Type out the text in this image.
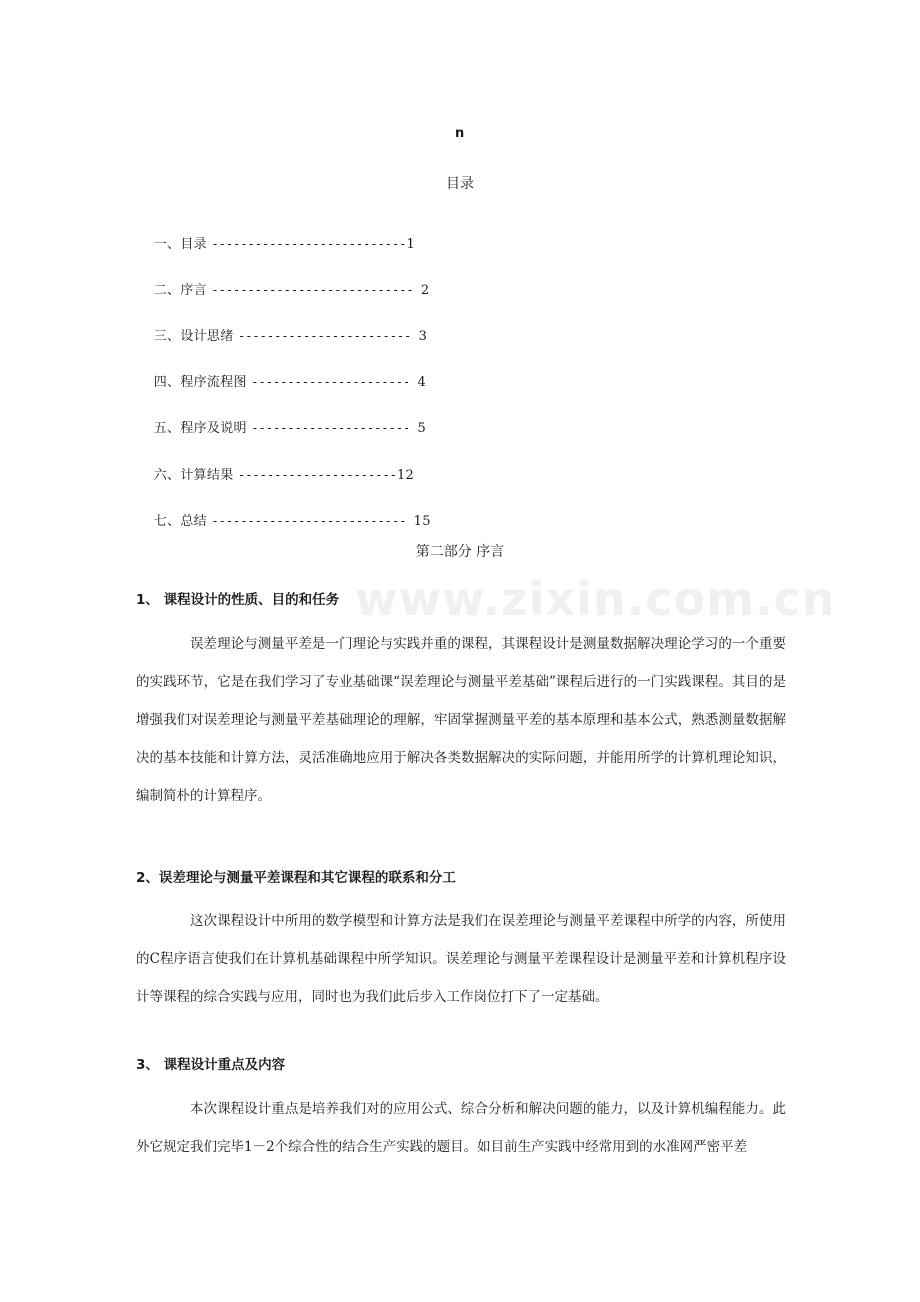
www.zixin.com.cn
n
目录

一、目录 ---------------------------1

二、序言 ---------------------------- 2

三、设计思绪 ------------------------ 3

四、程序流程图 ---------------------- 4

五、程序及说明 ---------------------- 5

六、计算结果 ----------------------12

七、总结 --------------------------- 15

第二部分 序言
1、 课程设计的性质、目的和任务

误差理论与测量平差是一门理论与实践并重的课程，其课程设计是测量数据解决理论学习的一个重要的实践环节，它是在我们学习了专业基础课“误差理论与测量平差基础”课程后进行的一门实践课程。其目的是增强我们对误差理论与测量平差基础理论的理解，牢固掌握测量平差的基本原理和基本公式，熟悉测量数据解决的基本技能和计算方法，灵活准确地应用于解决各类数据解决的实际问题，并能用所学的计算机理论知识，编制简朴的计算程序。

2、误差理论与测量平差课程和其它课程的联系和分工

这次课程设计中所用的数学模型和计算方法是我们在误差理论与测量平差课程中所学的内容，所使用的C程序语言使我们在计算机基础课程中所学知识。误差理论与测量平差课程设计是测量平差和计算机程序设计等课程的综合实践与应用，同时也为我们此后步入工作岗位打下了一定基础。

3、 课程设计重点及内容

本次课程设计重点是培养我们对的应用公式、综合分析和解决问题的能力，以及计算机编程能力。此外它规定我们完毕1－2个综合性的结合生产实践的题目。如目前生产实践中经常用到的水准网严密平差
